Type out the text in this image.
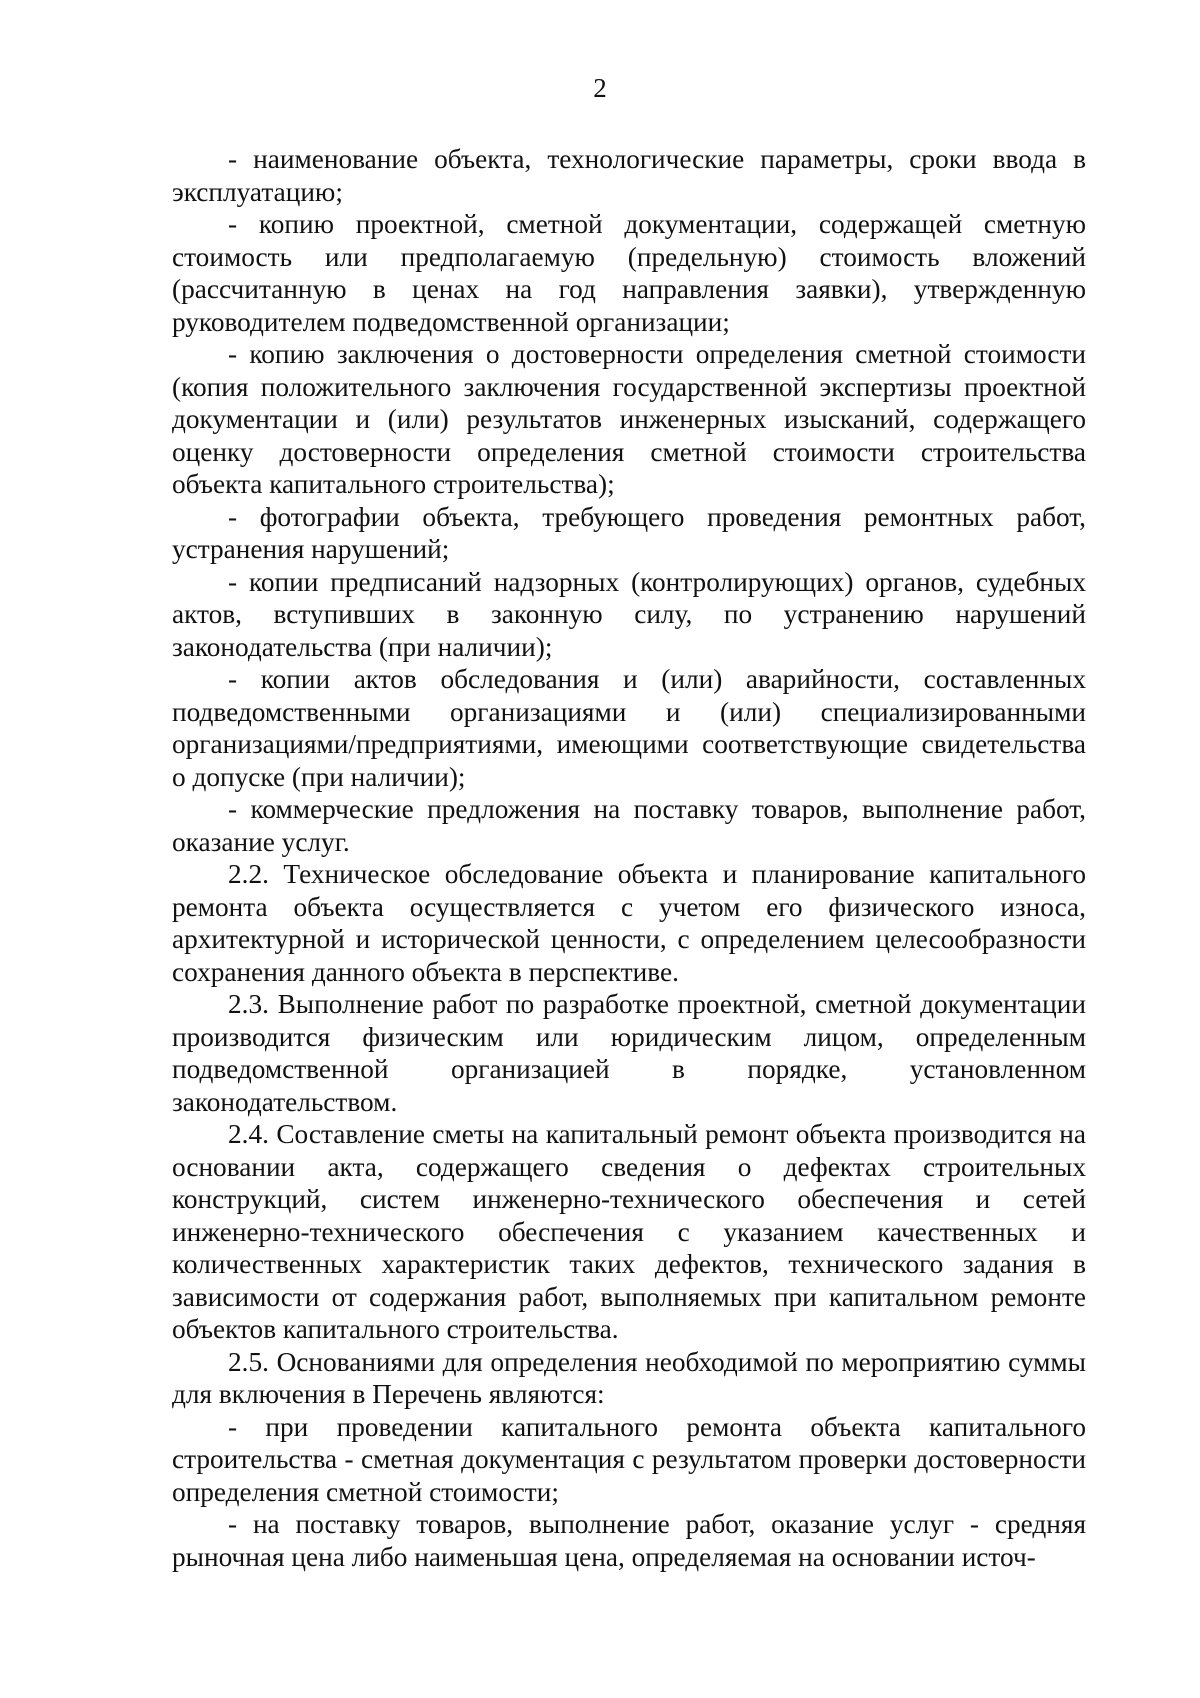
2

- наименование объекта, технологические параметры, сроки ввода в эксплуатацию;

- копию проектной, сметной документации, содержащей сметную стоимость или предполагаемую (предельную) стоимость вложений (рассчитанную в ценах на год направления заявки), утвержденную руководителем подведомственной организации;

- копию заключения о достоверности определения сметной стоимости (копия положительного заключения государственной экспертизы проектной документации и (или) результатов инженерных изысканий, содержащего оценку достоверности определения сметной стоимости строительства объекта капитального строительства);

- фотографии объекта, требующего проведения ремонтных работ, устранения нарушений;

- копии предписаний надзорных (контролирующих) органов, судебных актов, вступивших в законную силу, по устранению нарушений законодательства (при наличии);

- копии актов обследования и (или) аварийности, составленных подведомственными организациями и (или) специализированными организациями/предприятиями, имеющими соответствующие свидетельства о допуске (при наличии);

- коммерческие предложения на поставку товаров, выполнение работ, оказание услуг.

2.2. Техническое обследование объекта и планирование капитального ремонта объекта осуществляется с учетом его физического износа, архитектурной и исторической ценности, с определением целесообразности сохранения данного объекта в перспективе.

2.3. Выполнение работ по разработке проектной, сметной документации производится физическим или юридическим лицом, определенным подведомственной организацией в порядке, установленном законодательством.

2.4. Составление сметы на капитальный ремонт объекта производится на основании акта, содержащего сведения о дефектах строительных конструкций, систем инженерно-технического обеспечения и сетей инженерно-технического обеспечения с указанием качественных и количественных характеристик таких дефектов, технического задания в зависимости от содержания работ, выполняемых при капитальном ремонте объектов капитального строительства.

2.5. Основаниями для определения необходимой по мероприятию суммы для включения в Перечень являются:

- при проведении капитального ремонта объекта капитального строительства - сметная документация с результатом проверки достоверности определения сметной стоимости;

- на поставку товаров, выполнение работ, оказание услуг - средняя рыночная цена либо наименьшая цена, определяемая на основании источ-
